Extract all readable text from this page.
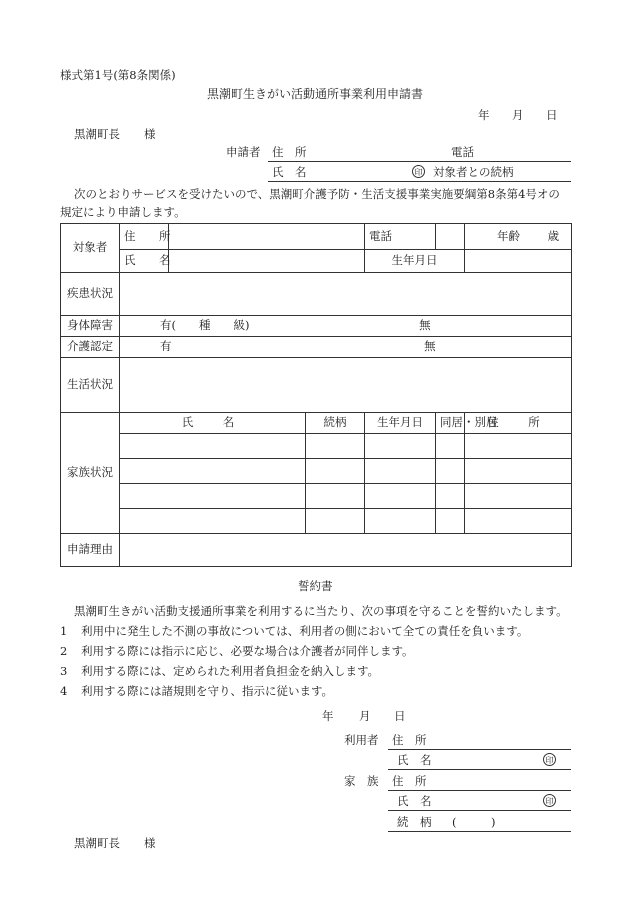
様式第1号(第8条関係)
黒潮町生きがい活動通所事業利用申請書
年 月 日
黒潮町長 様
申請者 住　所	電話
氏　名	印 対象者との続柄
次のとおりサービスを受けたいので、黒潮町介護予防・生活支援事業実施要綱第8条第4号オの
規定により申請します。
対象者	住　所			電話		年齢 歳
	氏　名			生年月日		
疾患状況						
身体障害	有(　　種　　級) 無					
介護認定	有 無					
生活状況						
家族状況	氏　名		続柄	生年月日	同居・別居	住　所

申請理由						
誓約書
黒潮町生きがい活動支援通所事業を利用するに当たり、次の事項を守ることを誓約いたします。
1 利用中に発生した不測の事故については、利用者の側において全ての責任を負います。
2 利用する際には指示に応じ、必要な場合は介護者が同伴します。
3 利用する際には、定められた利用者負担金を納入します。
4 利用する際には諸規則を守り、指示に従います。
年 月 日
利用者 住　所
氏　名	印
家　族 住　所
氏　名	印
続　柄 (　　　)
黒潮町長 様
